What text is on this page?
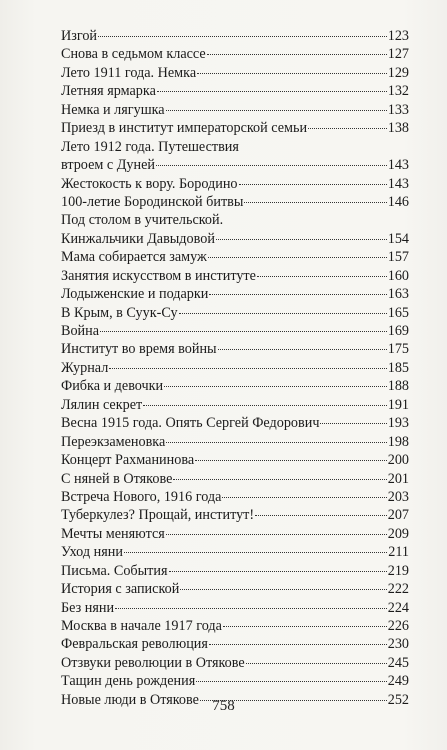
Изгой	123
Снова в седьмом классе	127
Лето 1911 года. Немка	129
Летняя ярмарка	132
Немка и лягушка	133
Приезд в институт императорской семьи	138
Лето 1912 года. Путешествия
втроем с Дуней	143
Жестокость к вору. Бородино	143
100-летие Бородинской битвы	146
Под столом в учительской.
Кинжальчики Давыдовой	154
Мама собирается замуж	157
Занятия искусством в институте	160
Лодыженские и подарки	163
В Крым, в Суук-Су	165
Война	169
Институт во время войны	175
Журнал	185
Фибка и девочки	188
Лялин секрет	191
Весна 1915 года. Опять Сергей Федорович	193
Переэкзаменовка	198
Концерт Рахманинова	200
С няней в Отякове	201
Встреча Нового, 1916 года	203
Туберкулез? Прощай, институт!	207
Мечты меняются	209
Уход няни	211
Письма. События	219
История с запиской	222
Без няни	224
Москва в начале 1917 года	226
Февральская революция	230
Отзвуки революции в Отякове	245
Тащин день рождения	249
Новые люди в Отякове	252
758
